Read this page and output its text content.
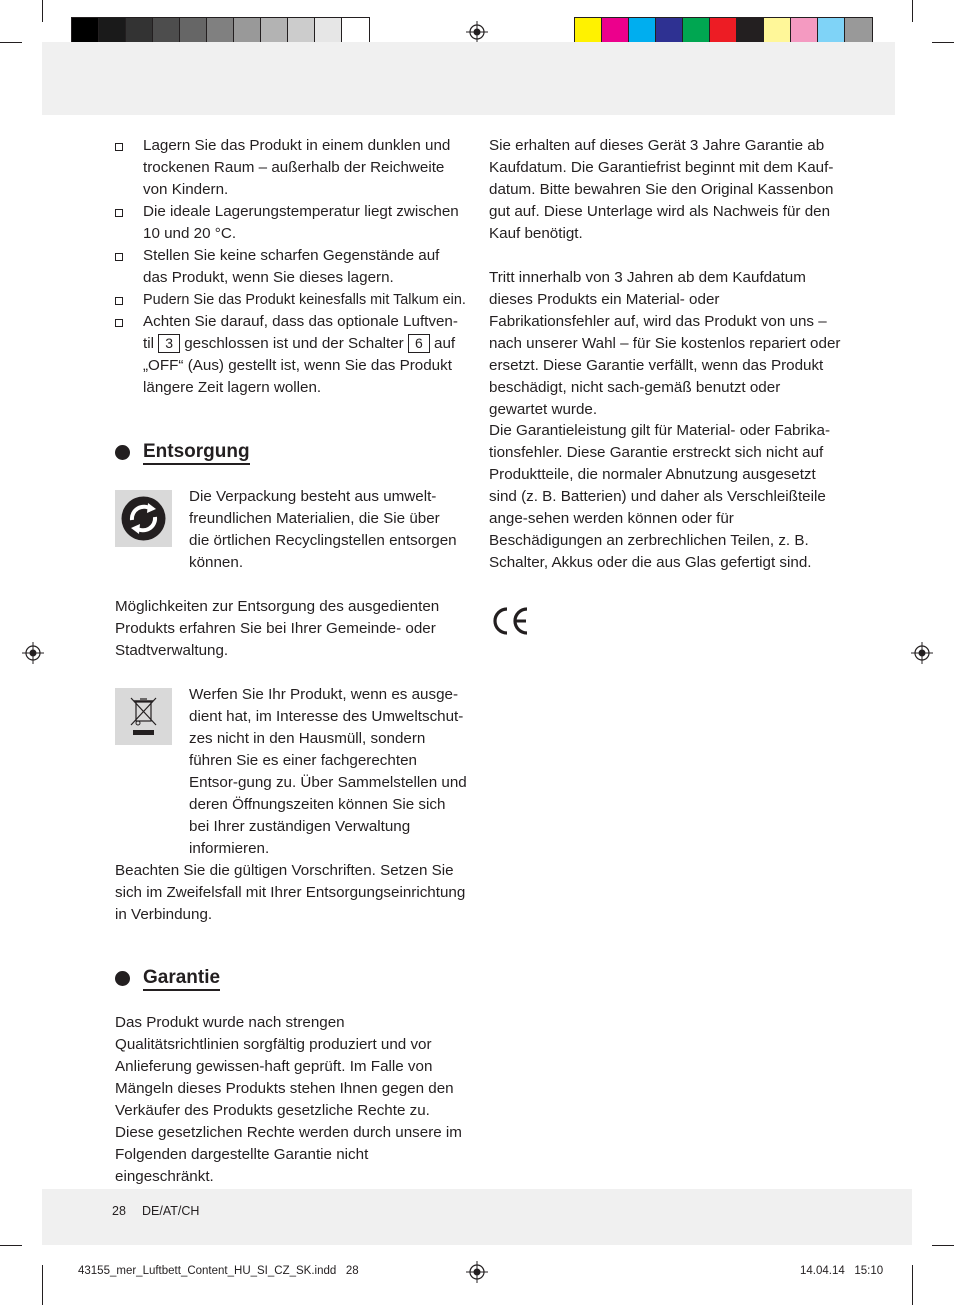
Lagern Sie das Produkt in einem dunklen und trockenen Raum – außerhalb der Reichweite von Kindern.
Die ideale Lagerungstemperatur liegt zwischen 10 und 20 °C.
Stellen Sie keine scharfen Gegenstände auf das Produkt, wenn Sie dieses lagern.
Pudern Sie das Produkt keinesfalls mit Talkum ein.
Achten Sie darauf, dass das optionale Luftven-til 3 geschlossen ist und der Schalter 6 auf „OFF“ (Aus) gestellt ist, wenn Sie das Produkt längere Zeit lagern wollen.
Entsorgung

Die Verpackung besteht aus umwelt-freundlichen Materialien, die Sie über die örtlichen Recyclingstellen entsorgen können.

Möglichkeiten zur Entsorgung des ausgedienten Produkts erfahren Sie bei Ihrer Gemeinde- oder Stadtverwaltung.

Werfen Sie Ihr Produkt, wenn es ausge-dient hat, im Interesse des Umweltschut-zes nicht in den Hausmüll, sondern führen Sie es einer fachgerechten Entsor-gung zu. Über Sammelstellen und deren Öffnungszeiten können Sie sich bei Ihrer zuständigen Verwaltung informieren.

Beachten Sie die gültigen Vorschriften. Setzen Sie sich im Zweifelsfall mit Ihrer Entsorgungseinrichtung in Verbindung.

Garantie

Das Produkt wurde nach strengen Qualitätsrichtlinien sorgfältig produziert und vor Anlieferung gewissen-haft geprüft. Im Falle von Mängeln dieses Produkts stehen Ihnen gegen den Verkäufer des Produkts gesetzliche Rechte zu. Diese gesetzlichen Rechte werden durch unsere im Folgenden dargestellte Garantie nicht eingeschränkt.

Sie erhalten auf dieses Gerät 3 Jahre Garantie ab Kaufdatum. Die Garantiefrist beginnt mit dem Kauf-datum. Bitte bewahren Sie den Original Kassenbon gut auf. Diese Unterlage wird als Nachweis für den Kauf benötigt.

Tritt innerhalb von 3 Jahren ab dem Kaufdatum dieses Produkts ein Material- oder Fabrikationsfehler auf, wird das Produkt von uns – nach unserer Wahl – für Sie kostenlos repariert oder ersetzt. Diese Garantie verfällt, wenn das Produkt beschädigt, nicht sach-gemäß benutzt oder gewartet wurde.

Die Garantieleistung gilt für Material- oder Fabrika-tionsfehler. Diese Garantie erstreckt sich nicht auf Produktteile, die normaler Abnutzung ausgesetzt sind (z. B. Batterien) und daher als Verschleißteile ange-sehen werden können oder für Beschädigungen an zerbrechlichen Teilen, z. B. Schalter, Akkus oder die aus Glas gefertigt sind.

28 DE/AT/CH
43155_mer_Luftbett_Content_HU_SI_CZ_SK.indd   28	14.04.14   15:10
